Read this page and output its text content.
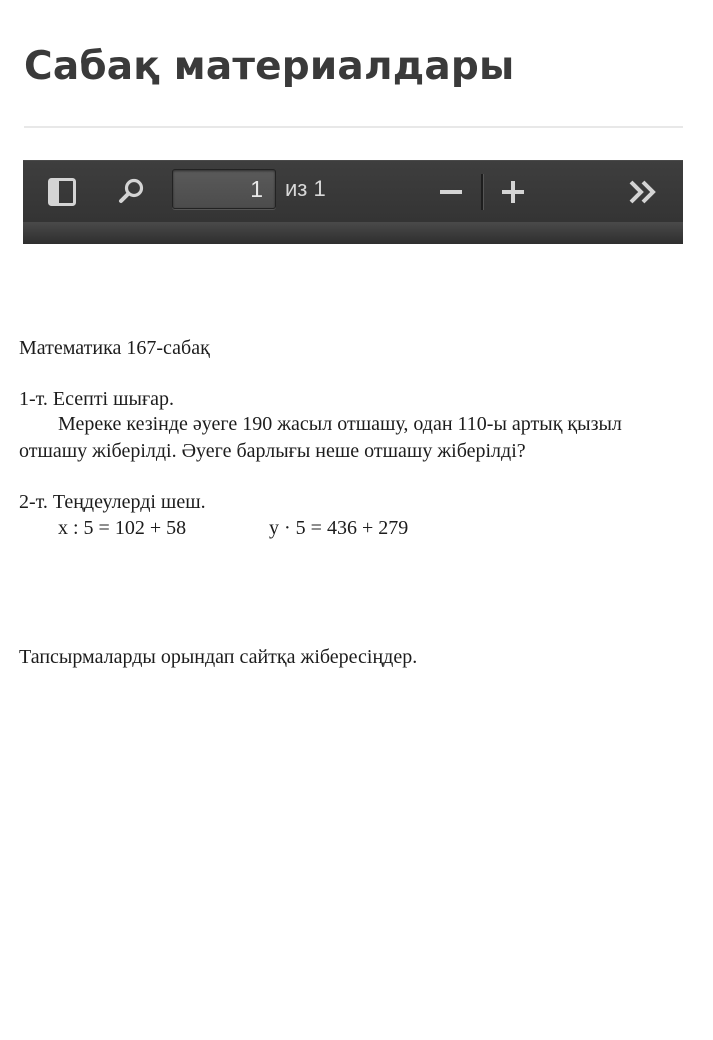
Сабақ материалдары
1
из 1

Математика 167-сабақ

1-т. Есепті шығар.

Мереке кезінде әуеге 190 жасыл отшашу, одан 110-ы артық қызыл

отшашу жіберілді. Әуеге барлығы неше отшашу жіберілді?

2-т. Теңдеулерді шеш.

x : 5 = 102 + 58	y · 5 = 436 + 279

Тапсырмаларды орындап сайтқа жібересіңдер.
